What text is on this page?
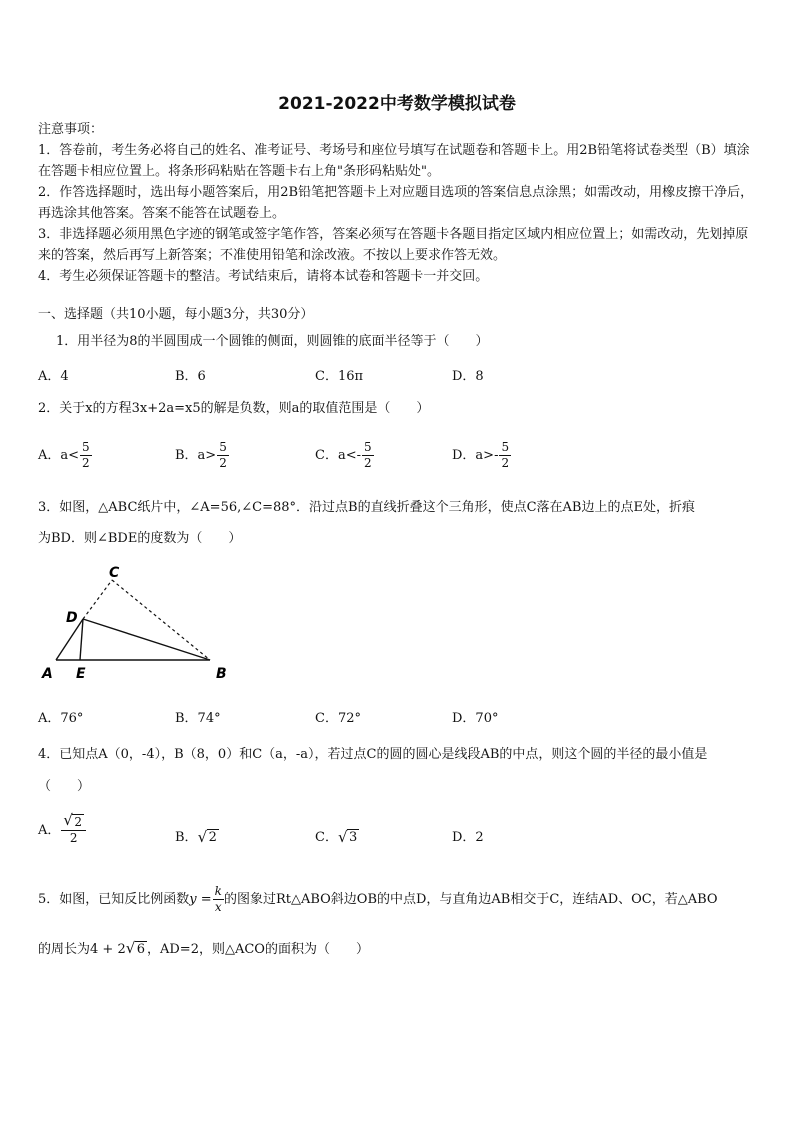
2021-2022中考数学模拟试卷

注意事项：

1．答卷前，考生务必将自己的姓名、准考证号、考场号和座位号填写在试题卷和答题卡上。用2B铅笔将试卷类型（B）填涂在答题卡相应位置上。将条形码粘贴在答题卡右上角"条形码粘贴处"。

2．作答选择题时，选出每小题答案后，用2B铅笔把答题卡上对应题目选项的答案信息点涂黑；如需改动，用橡皮擦干净后，再选涂其他答案。答案不能答在试题卷上。

3．非选择题必须用黑色字迹的钢笔或签字笔作答，答案必须写在答题卡各题目指定区域内相应位置上；如需改动，先划掉原来的答案，然后再写上新答案；不准使用铅笔和涂改液。不按以上要求作答无效。

4．考生必须保证答题卡的整洁。考试结束后，请将本试卷和答题卡一并交回。

一、选择题（共10小题，每小题3分，共30分）
1．用半径为8的半圆围成一个圆锥的侧面，则圆锥的底面半径等于（　　）
A．4	B．6	C．16π	D．8
2．关于x的方程3x+2a=x5的解是负数，则a的取值范围是（　　）
A．$a< \frac{5}{2}$	B．$a> \frac{5}{2}$	C．$a<- \frac{5}{2}$	D．$a>- \frac{5}{2}$
3．如图，△ABC纸片中，∠A=56,∠C=88°．沿过点B的直线折叠这个三角形，使点C落在AB边上的点E处，折痕
为BD．则∠BDE的度数为（　　）
C
D
A E	B
A．76°	B．74°	C．72°	D．70°
4．已知点A（0，-4），B（8，0）和C（a，-a），若过点C的圆的圆心是线段AB的中点，则这个圆的半径的最小值是
（　　）
A． $\frac{√ 2}{2}$	B． √ 2	C． √ 3	D．2
5．如图，已知反比例函数$y = \frac{k}{x}$ 的图象过Rt△ABO斜边OB的中点D，与直角边AB相交于C，连结AD、OC，若△ABO
的周长为4 + 2 √ 6 ，AD=2，则△ACO的面积为（　　）
